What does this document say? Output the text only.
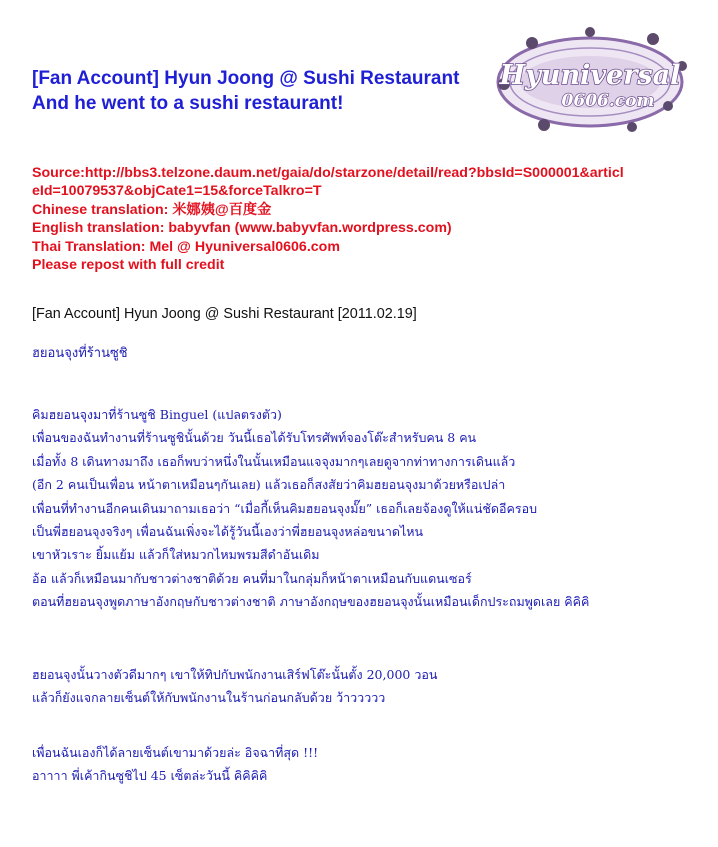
[Fan Account] Hyun Joong @ Sushi Restaurant
And he went to a sushi restaurant!
Hyuniversal
0606.com
Source:http://bbs3.telzone.daum.net/gaia/do/starzone/detail/read?bbsId=S000001&articl
eId=10079537&objCate1=15&forceTalkro=T
Chinese translation: 米娜姨@百度金
English translation: babyvfan (www.babyvfan.wordpress.com)
Thai Translation: Mel @ Hyuniversal0606.com
Please repost with full credit
[Fan Account] Hyun Joong @ Sushi Restaurant [2011.02.19]
ฮยอนจุงที่ร้านซูชิ
คิมฮยอนจุงมาที่ร้านซูชิ Binguel (แปลตรงตัว)
เพื่อนของฉันทำงานที่ร้านซูชินั้นด้วย วันนี้เธอได้รับโทรศัพท์จองโต๊ะสำหรับคน 8 คน
เมื่อทั้ง 8 เดินทางมาถึง เธอก็พบว่าหนึ่งในนั้นเหมือนแจจุงมากๆเลยดูจากท่าทางการเดินแล้ว
(อีก 2 คนเป็นเพื่อน หน้าตาเหมือนๆกันเลย) แล้วเธอก็สงสัยว่าคิมฮยอนจุงมาด้วยหรือเปล่า
เพื่อนที่ทำงานอีกคนเดินมาถามเธอว่า “เมื่อกี้เห็นคิมฮยอนจุงมั๊ย” เธอก็เลยจ้องดูให้แน่ชัดอีครอบ
เป็นพี่ฮยอนจุงจริงๆ เพื่อนฉันเพิ่งจะได้รู้วันนี้เองว่าพี่ฮยอนจุงหล่อขนาดไหน
เขาหัวเราะ ยิ้มแย้ม แล้วก็ใส่หมวกไหมพรมสีดำอันเดิม
อ้อ แล้วก็เหมือนมากับชาวต่างชาติด้วย คนที่มาในกลุ่มก็หน้าตาเหมือนกับแดนเซอร์
ตอนที่ฮยอนจุงพูดภาษาอังกฤษกับชาวต่างชาติ ภาษาอังกฤษของฮยอนจุงนั้นเหมือนเด็กประถมพูดเลย คิคิคิ
ฮยอนจุงนั้นวางตัวดีมากๆ เขาให้ทิปกับพนักงานเสิร์ฟโต๊ะนั้นตั้ง 20,000 วอน
แล้วก็ยังแจกลายเซ็นต์ให้กับพนักงานในร้านก่อนกลับด้วย ว้าววววว
เพื่อนฉันเองก็ได้ลายเซ็นต์เขามาด้วยล่ะ อิจฉาที่สุด !!!
อาาาา พี่เค้ากินซูชิไป 45 เซ็ตล่ะวันนี้ คิคิคิคิ
